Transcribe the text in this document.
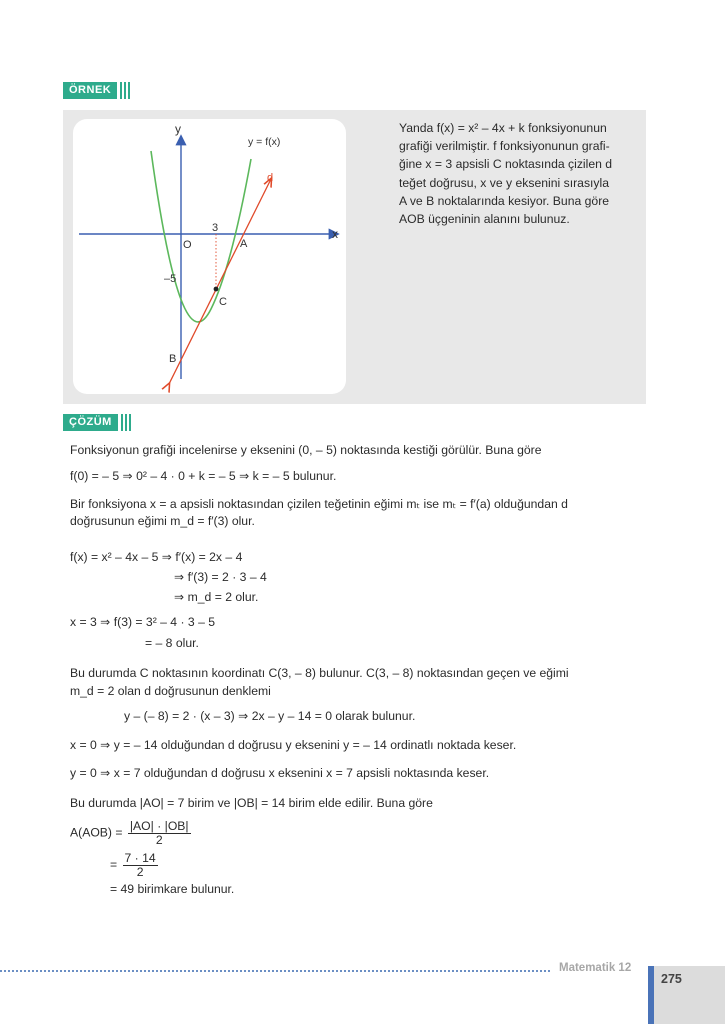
ÖRNEK
y
x
y = f(x)
d
O	A
3
–5
C
B
Yanda f(x) = x² – 4x + k fonksiyonunun
grafiği verilmiştir. f fonksiyonunun grafi-
ğine x = 3 apsisli C noktasında çizilen d
teğet doğrusu, x ve y eksenini sırasıyla
A ve B noktalarında kesiyor. Buna göre
AOB üçgeninin alanını bulunuz.
ÇÖZÜM
Fonksiyonun grafiği incelenirse y eksenini (0, – 5) noktasında kestiği görülür. Buna göre
f(0) = – 5 ⇒ 0² – 4 · 0 + k = – 5 ⇒ k = – 5 bulunur.
Bir fonksiyona x = a apsisli noktasından çizilen teğetinin eğimi mₜ ise mₜ = f′(a) olduğundan d
doğrusunun eğimi m_d = f′(3) olur.
f(x) = x² – 4x – 5 ⇒ f′(x) = 2x – 4
⇒ f′(3) = 2 · 3 – 4
⇒ m_d = 2 olur.
x = 3 ⇒ f(3) = 3² – 4 · 3 – 5
= – 8 olur.
Bu durumda C noktasının koordinatı C(3, – 8) bulunur. C(3, – 8) noktasından geçen ve eğimi
m_d = 2 olan d doğrusunun denklemi
y – (– 8) = 2 · (x – 3) ⇒ 2x – y – 14 = 0 olarak bulunur.
x = 0 ⇒ y = – 14 olduğundan d doğrusu y eksenini y = – 14 ordinatlı noktada keser.
y = 0 ⇒ x = 7 olduğundan d doğrusu x eksenini x = 7 apsisli noktasında keser.
Bu durumda |AO| = 7 birim ve |OB| = 14 birim elde edilir. Buna göre
$A(AOB) = \frac{|AO| \cdot |OB|}{2}$
= $\frac{7 \cdot 14}{2}$
= 49 birimkare bulunur.
Matematik 12
275
